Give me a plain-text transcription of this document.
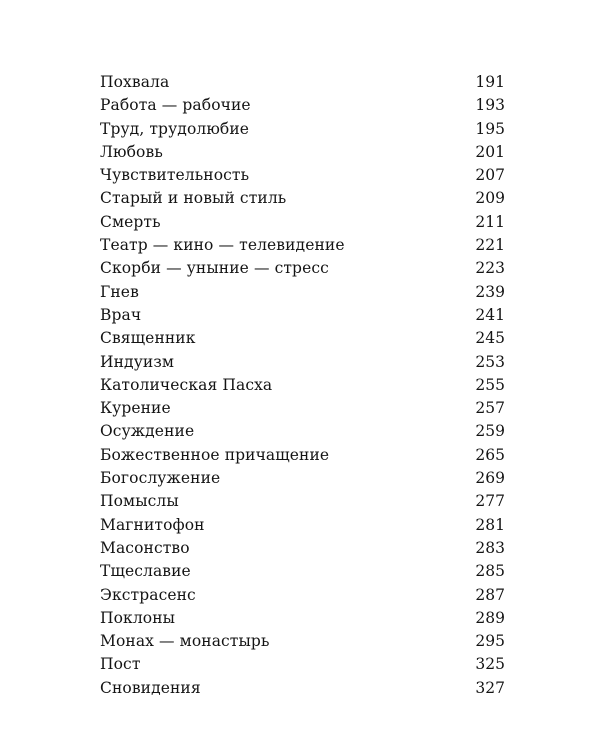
Похвала	191
Работа — рабочие	193
Труд, трудолюбие	195
Любовь	201
Чувствительность	207
Старый и новый стиль	209
Смерть	211
Театр — кино — телевидение	221
Скорби — уныние — стресс	223
Гнев	239
Врач	241
Священник	245
Индуизм	253
Католическая Пасха	255
Курение	257
Осуждение	259
Божественное причащение	265
Богослужение	269
Помыслы	277
Магнитофон	281
Масонство	283
Тщеславие	285
Экстрасенс	287
Поклоны	289
Монах — монастырь	295
Пост	325
Сновидения	327
